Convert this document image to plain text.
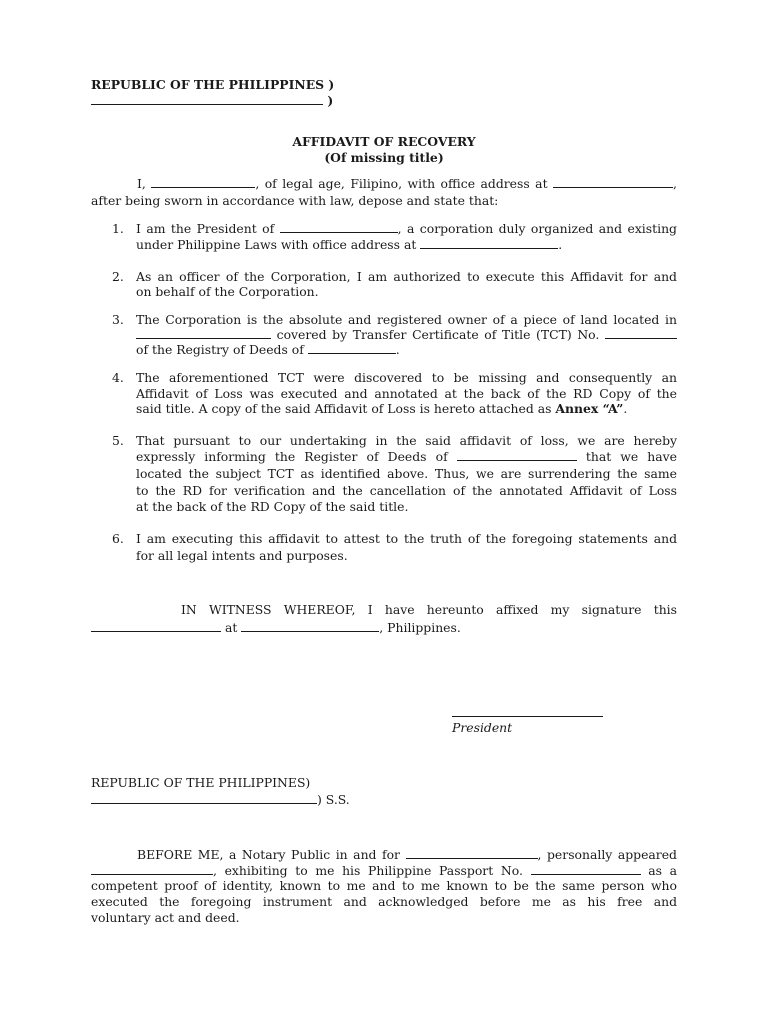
REPUBLIC OF THE PHILIPPINES )
)
AFFIDAVIT OF RECOVERY
(Of missing title)
I,	, of legal age, Filipino, with office address at	,
after being sworn in accordance with law, depose and state that:
1. I am the President of	, a corporation duly organized and existing
under Philippine Laws with office address at	.
2. As an officer of the Corporation, I am authorized to execute this Affidavit for and
on behalf of the Corporation.
3. The Corporation is the absolute and registered owner of a piece of land located in
covered by Transfer Certificate of Title (TCT) No.
of the Registry of Deeds of	.
4. The aforementioned TCT were discovered to be missing and consequently an
Affidavit of Loss was executed and annotated at the back of the RD Copy of the
said title. A copy of the said Affidavit of Loss is hereto attached as Annex “A”.
5. That pursuant to our undertaking in the said affidavit of loss, we are hereby
expressly informing the Register of Deeds of	that we have
located the subject TCT as identified above. Thus, we are surrendering the same
to the RD for verification and the cancellation of the annotated Affidavit of Loss
at the back of the RD Copy of the said title.
6. I am executing this affidavit to attest to the truth of the foregoing statements and
for all legal intents and purposes.
IN WITNESS WHEREOF, I have hereunto affixed my signature this
at	, Philippines.
President
REPUBLIC OF THE PHILIPPINES)
) S.S.
BEFORE ME, a Notary Public in and for	, personally appeared
, exhibiting to me his Philippine Passport No.	as a
competent proof of identity, known to me and to me known to be the same person who
executed the foregoing instrument and acknowledged before me as his free and
voluntary act and deed.
